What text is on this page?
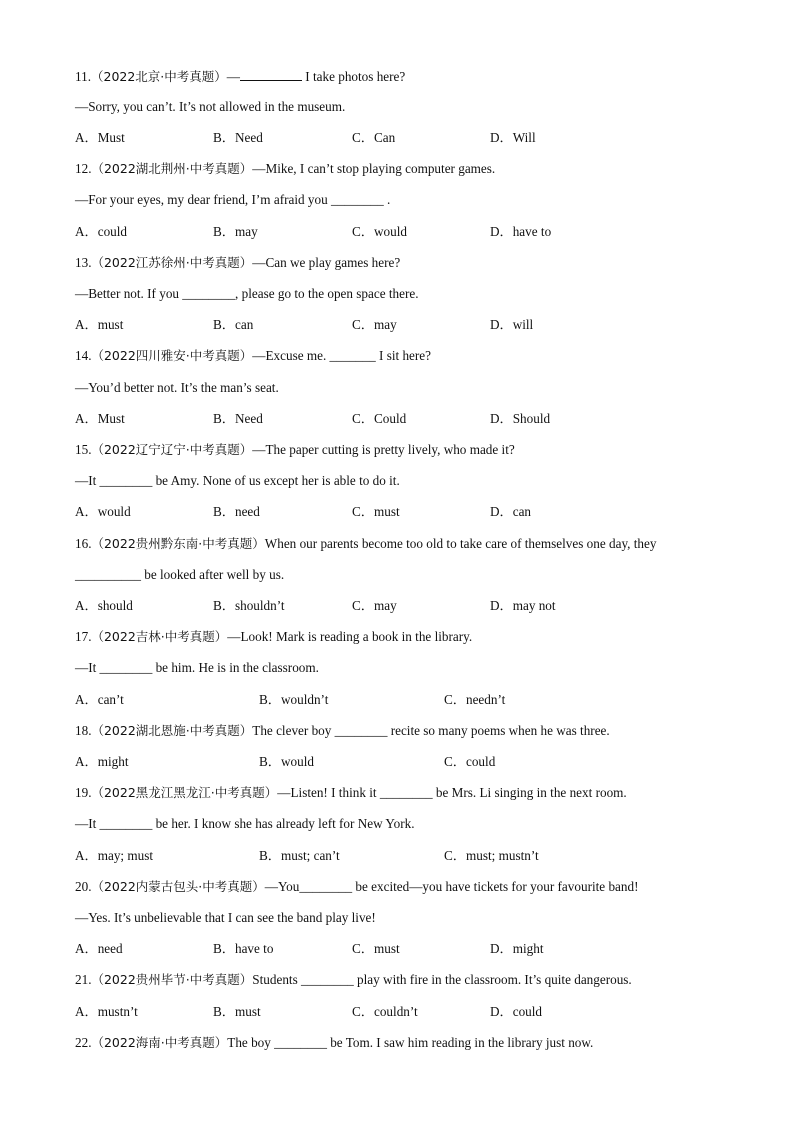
11.（2022北京·中考真题）—	I take photos here?
—Sorry, you can’t. It’s not allowed in the museum.
A．Must	B．Need	C．Can	D．Will
12.（2022湖北荆州·中考真题）—Mike, I can’t stop playing computer games.
—For your eyes, my dear friend, I’m afraid you ________ .
A．could	B．may	C．would	D．have to
13.（2022江苏徐州·中考真题）—Can we play games here?
—Better not. If you ________, please go to the open space there.
A．must	B．can	C．may	D．will
14.（2022四川雅安·中考真题）—Excuse me. _______ I sit here?
—You’d better not. It’s the man’s seat.
A．Must	B．Need	C．Could	D．Should
15.（2022辽宁辽宁·中考真题）—The paper cutting is pretty lively, who made it?
—It ________ be Amy. None of us except her is able to do it.
A．would	B．need	C．must	D．can
16.（2022贵州黔东南·中考真题）When our parents become too old to take care of themselves one day, they
__________ be looked after well by us.
A．should	B．shouldn’t	C．may	D．may not
17.（2022吉林·中考真题）—Look! Mark is reading a book in the library.
—It ________ be him. He is in the classroom.
A．can’t	B．wouldn’t	C．needn’t
18.（2022湖北恩施·中考真题）The clever boy ________ recite so many poems when he was three.
A．might	B．would	C．could
19.（2022黑龙江黑龙江·中考真题）—Listen! I think it ________ be Mrs. Li singing in the next room.
—It ________ be her. I know she has already left for New York.
A．may; must	B．must; can’t	C．must; mustn’t
20.（2022内蒙古包头·中考真题）—You________ be excited—you have tickets for your favourite band!
—Yes. It’s unbelievable that I can see the band play live!
A．need	B．have to	C．must	D．might
21.（2022贵州毕节·中考真题）Students ________ play with fire in the classroom. It’s quite dangerous.
A．mustn’t	B．must	C．couldn’t	D．could
22.（2022海南·中考真题）The boy ________ be Tom. I saw him reading in the library just now.
